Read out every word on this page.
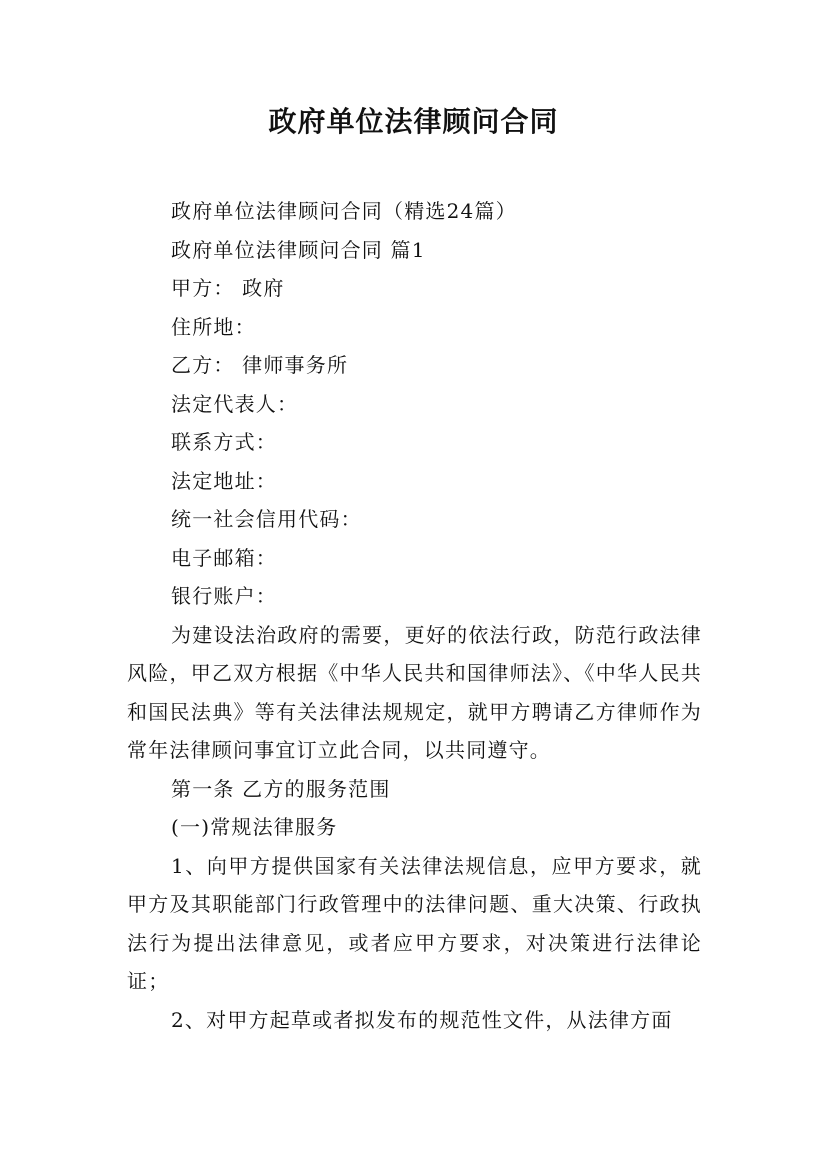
政府单位法律顾问合同

政府单位法律顾问合同（精选24篇）

政府单位法律顾问合同 篇1

甲方： 政府

住所地：

乙方： 律师事务所

法定代表人：

联系方式：

法定地址：

统一社会信用代码：

电子邮箱：

银行账户：

为建设法治政府的需要，更好的依法行政，防范行政法律风险，甲乙双方根据《中华人民共和国律师法》、《中华人民共和国民法典》等有关法律法规规定，就甲方聘请乙方律师作为常年法律顾问事宜订立此合同，以共同遵守。

第一条 乙方的服务范围

(一)常规法律服务

1、向甲方提供国家有关法律法规信息，应甲方要求，就甲方及其职能部门行政管理中的法律问题、重大决策、行政执法行为提出法律意见，或者应甲方要求，对决策进行法律论证；

2、对甲方起草或者拟发布的规范性文件，从法律方面
